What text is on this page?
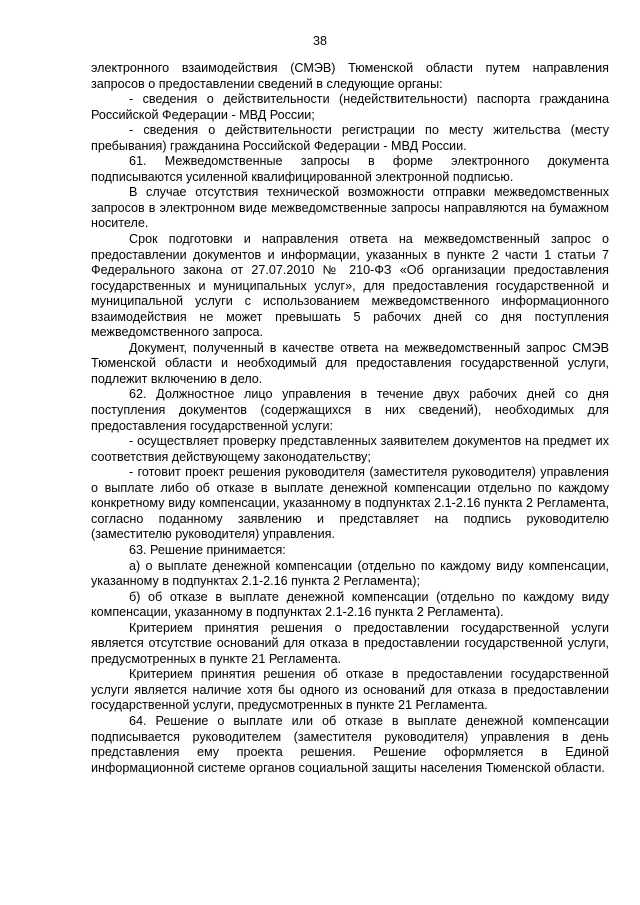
38

электронного взаимодействия (СМЭВ) Тюменской области путем направления запросов о предоставлении сведений в следующие органы:

- сведения о действительности (недействительности) паспорта гражданина Российской Федерации - МВД России;

- сведения о действительности регистрации по месту жительства (месту пребывания) гражданина Российской Федерации - МВД России.

61. Межведомственные запросы в форме электронного документа подписываются усиленной квалифицированной электронной подписью.

В случае отсутствия технической возможности отправки межведомственных запросов в электронном виде межведомственные запросы направляются на бумажном носителе.

Срок подготовки и направления ответа на межведомственный запрос о предоставлении документов и информации, указанных в пункте 2 части 1 статьи 7 Федерального закона от 27.07.2010 № 210-ФЗ «Об организации предоставления государственных и муниципальных услуг», для предоставления государственной и муниципальной услуги с использованием межведомственного информационного взаимодействия не может превышать 5 рабочих дней со дня поступления межведомственного запроса.

Документ, полученный в качестве ответа на межведомственный запрос СМЭВ Тюменской области и необходимый для предоставления государственной услуги, подлежит включению в дело.

62. Должностное лицо управления в течение двух рабочих дней со дня поступления документов (содержащихся в них сведений), необходимых для предоставления государственной услуги:

- осуществляет проверку представленных заявителем документов на предмет их соответствия действующему законодательству;

- готовит проект решения руководителя (заместителя руководителя) управления о выплате либо об отказе в выплате денежной компенсации отдельно по каждому конкретному виду компенсации, указанному в подпунктах 2.1-2.16 пункта 2 Регламента, согласно поданному заявлению и представляет на подпись руководителю (заместителю руководителя) управления.

63. Решение принимается:

а) о выплате денежной компенсации (отдельно по каждому виду компенсации, указанному в подпунктах 2.1-2.16 пункта 2 Регламента);

б) об отказе в выплате денежной компенсации (отдельно по каждому виду компенсации, указанному в подпунктах 2.1-2.16 пункта 2 Регламента).

Критерием принятия решения о предоставлении государственной услуги является отсутствие оснований для отказа в предоставлении государственной услуги, предусмотренных в пункте 21 Регламента.

Критерием принятия решения об отказе в предоставлении государственной услуги является наличие хотя бы одного из оснований для отказа в предоставлении государственной услуги, предусмотренных в пункте 21 Регламента.

64. Решение о выплате или об отказе в выплате денежной компенсации подписывается руководителем (заместителя руководителя) управления в день представления ему проекта решения. Решение оформляется в Единой информационной системе органов социальной защиты населения Тюменской области.
